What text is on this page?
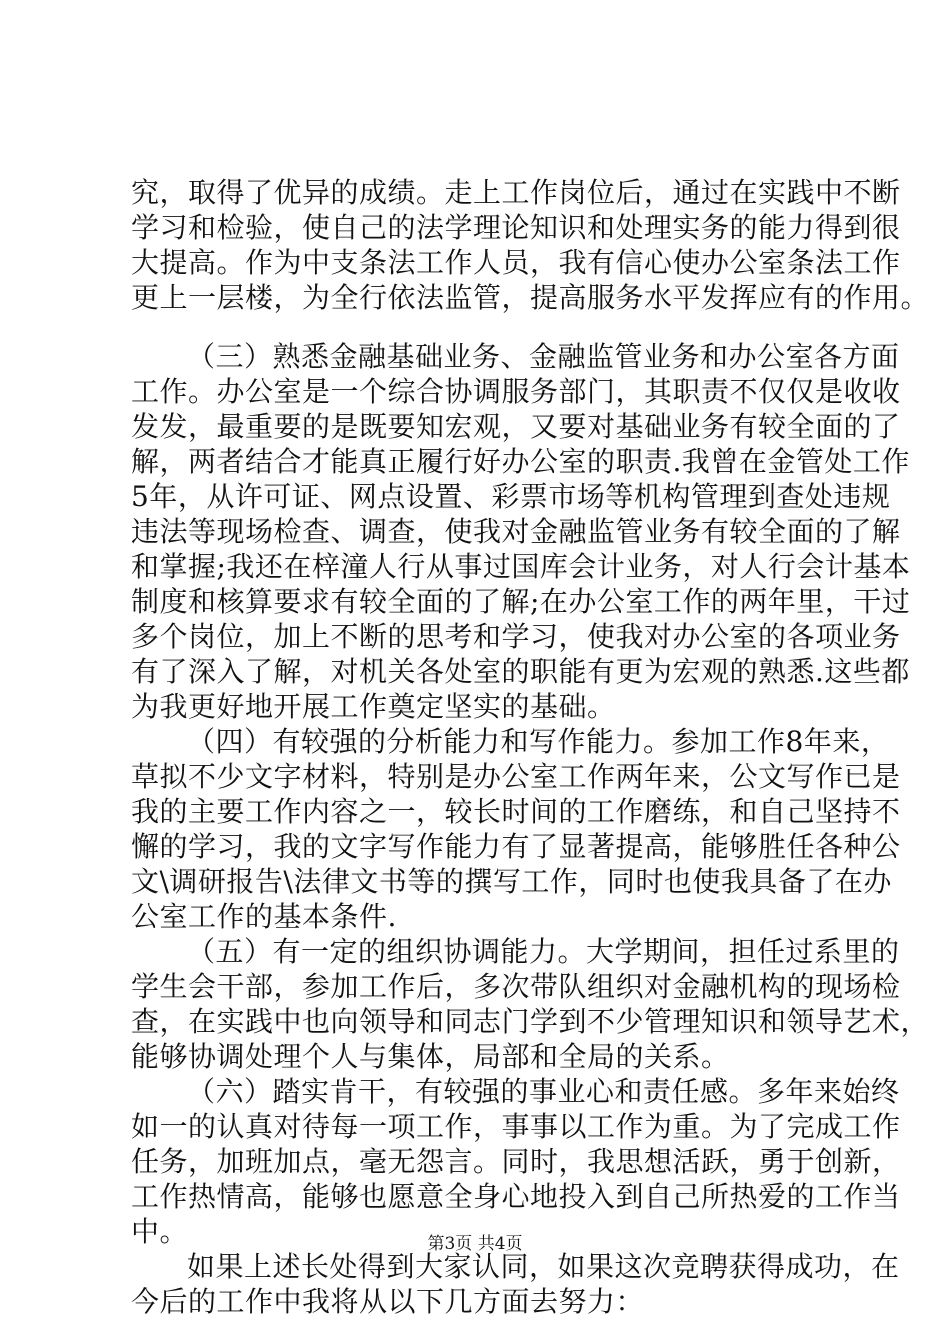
究，取得了优异的成绩。走上工作岗位后，通过在实践中不断
学习和检验，使自己的法学理论知识和处理实务的能力得到很
大提高。作为中支条法工作人员，我有信心使办公室条法工作
更上一层楼，为全行依法监管，提高服务水平发挥应有的作用。
（三）熟悉金融基础业务、金融监管业务和办公室各方面
工作。办公室是一个综合协调服务部门，其职责不仅仅是收收
发发，最重要的是既要知宏观，又要对基础业务有较全面的了
解，两者结合才能真正履行好办公室的职责.我曾在金管处工作
5年，从许可证、网点设置、彩票市场等机构管理到查处违规
违法等现场检查、调查，使我对金融监管业务有较全面的了解
和掌握;我还在梓潼人行从事过国库会计业务，对人行会计基本
制度和核算要求有较全面的了解;在办公室工作的两年里，干过
多个岗位，加上不断的思考和学习，使我对办公室的各项业务
有了深入了解，对机关各处室的职能有更为宏观的熟悉.这些都
为我更好地开展工作奠定坚实的基础。
（四）有较强的分析能力和写作能力。参加工作8年来，
草拟不少文字材料，特别是办公室工作两年来，公文写作已是
我的主要工作内容之一，较长时间的工作磨练，和自己坚持不
懈的学习，我的文字写作能力有了显著提高，能够胜任各种公
文\调研报告\法律文书等的撰写工作，同时也使我具备了在办
公室工作的基本条件.
（五）有一定的组织协调能力。大学期间，担任过系里的
学生会干部，参加工作后，多次带队组织对金融机构的现场检
查，在实践中也向领导和同志门学到不少管理知识和领导艺术，
能够协调处理个人与集体，局部和全局的关系。
（六）踏实肯干，有较强的事业心和责任感。多年来始终
如一的认真对待每一项工作，事事以工作为重。为了完成工作
任务，加班加点，毫无怨言。同时，我思想活跃，勇于创新，
工作热情高，能够也愿意全身心地投入到自己所热爱的工作当
中。
如果上述长处得到大家认同，如果这次竞聘获得成功，在
今后的工作中我将从以下几方面去努力：
第3页 共4页
